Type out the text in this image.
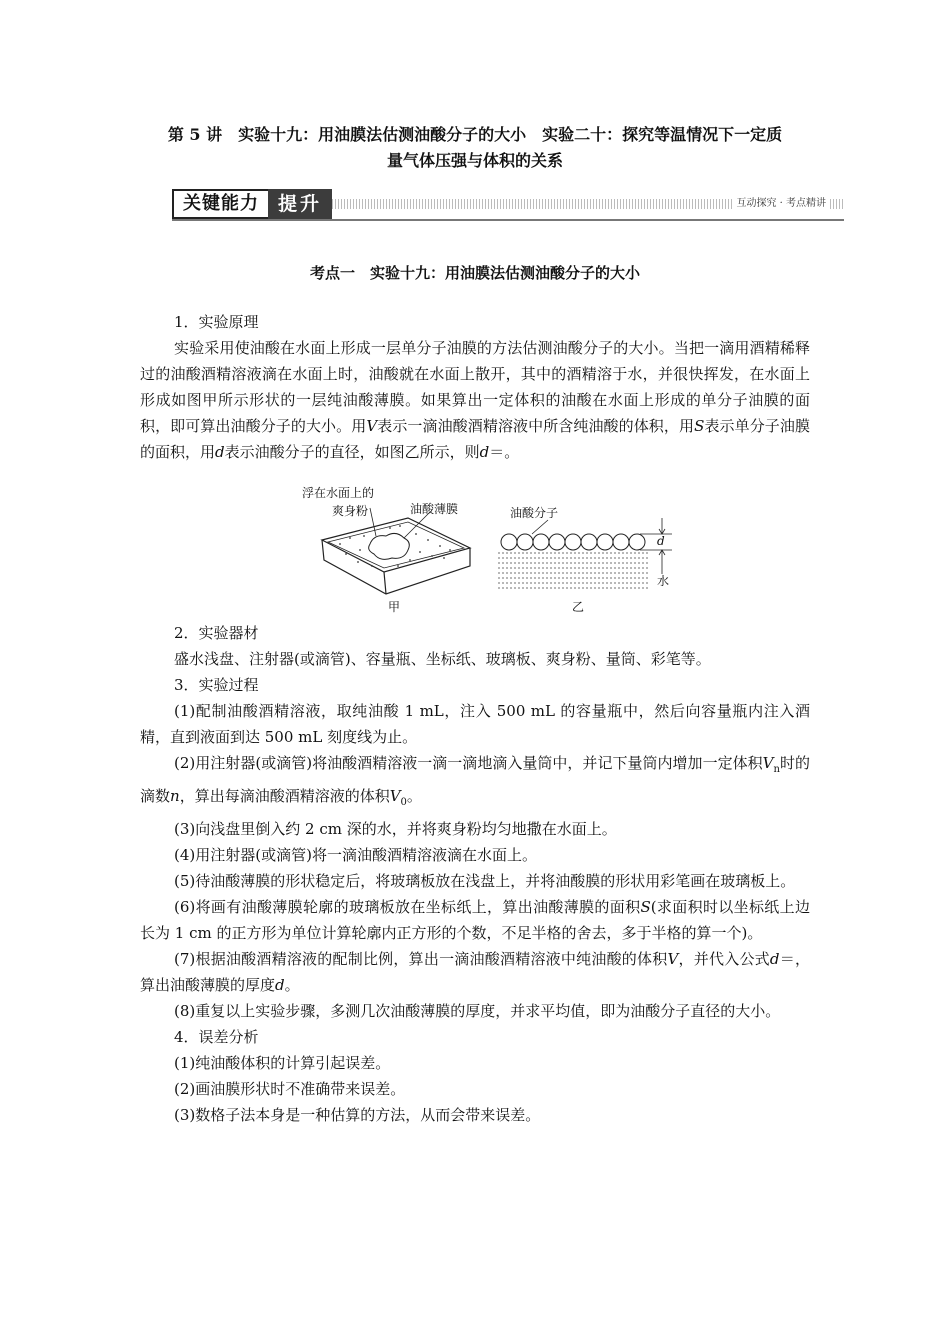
第 5 讲　实验十九：用油膜法估测油酸分子的大小　实验二十：探究等温情况下一定质
量气体压强与体积的关系
关键能力 提升	互动探究 · 考点精讲
考点一　实验十九：用油膜法估测油酸分子的大小
1．实验原理
实验采用使油酸在水面上形成一层单分子油膜的方法估测油酸分子的大小。当把一滴用酒精稀释过的油酸酒精溶液滴在水面上时，油酸就在水面上散开，其中的酒精溶于水，并很快挥发，在水面上形成如图甲所示形状的一层纯油酸薄膜。如果算出一定体积的油酸在水面上形成的单分子油膜的面积，即可算出油酸分子的大小。用V表示一滴油酸酒精溶液中所含纯油酸的体积，用S表示单分子油膜的面积，用d表示油酸分子的直径，如图乙所示，则d＝。
浮在水面上的
爽身粉	油酸薄膜
甲
油酸分子
d
水
乙
2．实验器材
盛水浅盘、注射器(或滴管)、容量瓶、坐标纸、玻璃板、爽身粉、量筒、彩笔等。
3．实验过程
(1)配制油酸酒精溶液，取纯油酸 1 mL，注入 500 mL 的容量瓶中，然后向容量瓶内注入酒精，直到液面到达 500 mL 刻度线为止。
(2)用注射器(或滴管)将油酸酒精溶液一滴一滴地滴入量筒中，并记下量筒内增加一定体积$V_n$时的滴数n，算出每滴油酸酒精溶液的体积$V_0$。
(3)向浅盘里倒入约 2 cm 深的水，并将爽身粉均匀地撒在水面上。
(4)用注射器(或滴管)将一滴油酸酒精溶液滴在水面上。
(5)待油酸薄膜的形状稳定后，将玻璃板放在浅盘上，并将油酸膜的形状用彩笔画在玻璃板上。
(6)将画有油酸薄膜轮廓的玻璃板放在坐标纸上，算出油酸薄膜的面积S(求面积时以坐标纸上边长为 1 cm 的正方形为单位计算轮廓内正方形的个数，不足半格的舍去，多于半格的算一个)。
(7)根据油酸酒精溶液的配制比例，算出一滴油酸酒精溶液中纯油酸的体积V，并代入公式d＝，算出油酸薄膜的厚度d。
(8)重复以上实验步骤，多测几次油酸薄膜的厚度，并求平均值，即为油酸分子直径的大小。
4．误差分析
(1)纯油酸体积的计算引起误差。
(2)画油膜形状时不准确带来误差。
(3)数格子法本身是一种估算的方法，从而会带来误差。
